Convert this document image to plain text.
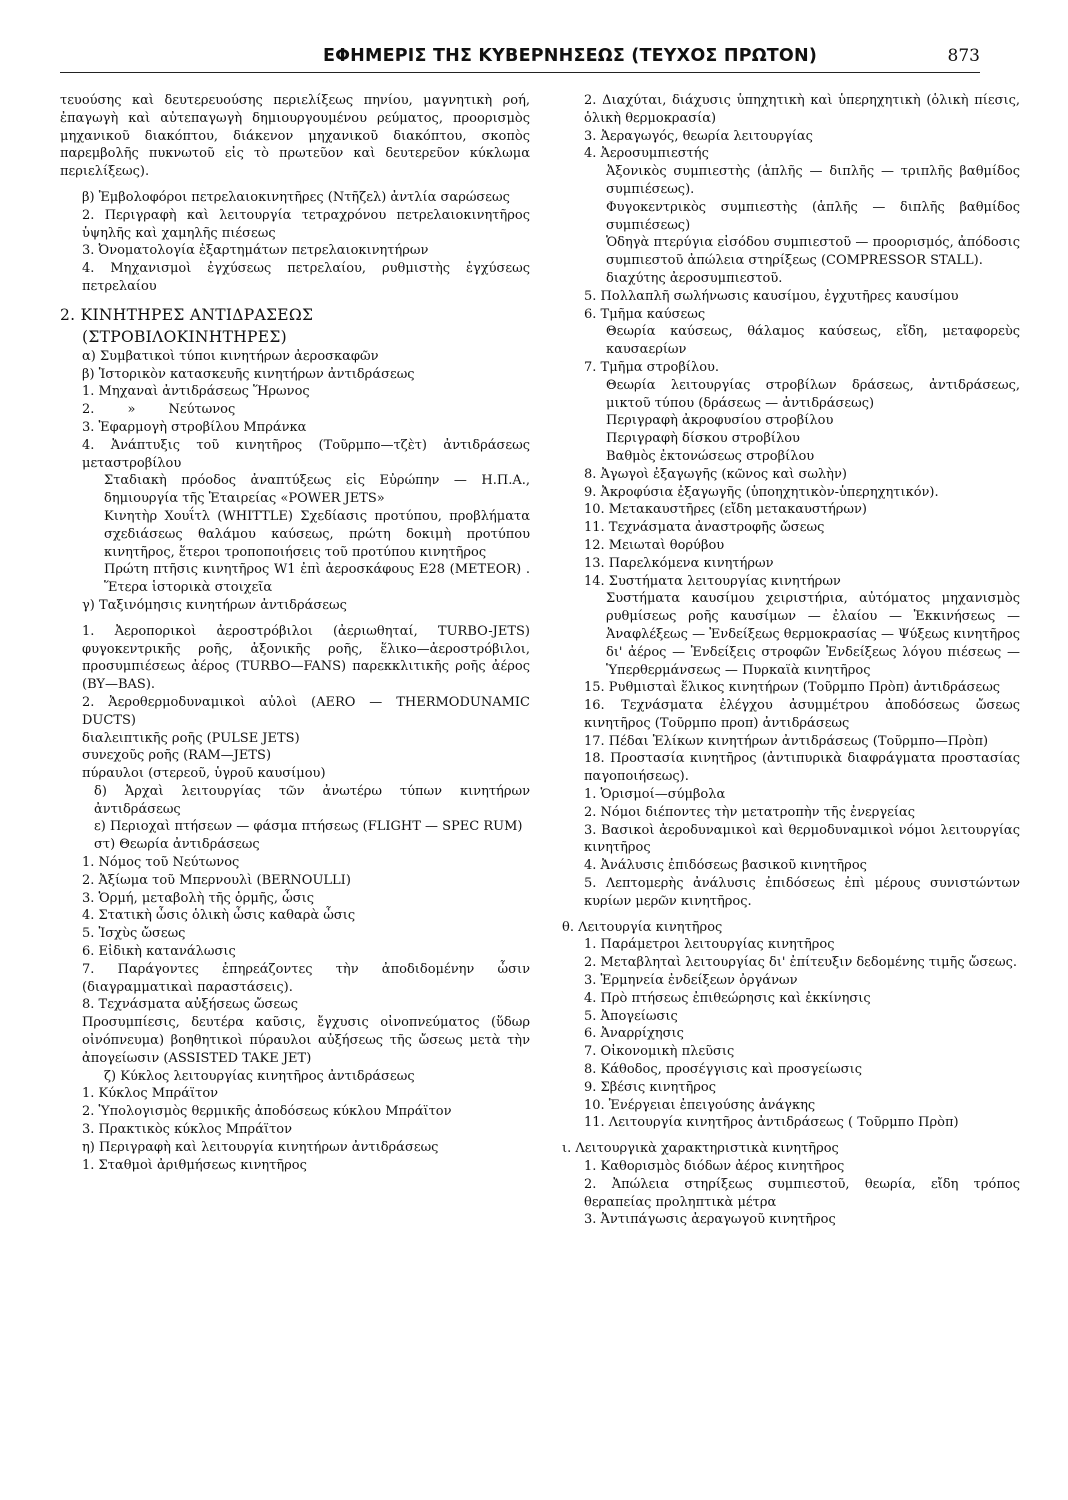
ΕΦΗΜΕΡΙΣ ΤΗΣ ΚΥΒΕΡΝΗΣΕΩΣ (ΤΕΥΧΟΣ ΠΡΩΤΟΝ)	873

τευούσης καὶ δευτερευούσης περιελίξεως πηνίου, μαγνητικὴ ροή, ἐπαγωγὴ καὶ αὐτεπαγωγὴ δημιουργουμένου ρεύματος, προορισμὸς μηχανικοῦ διακόπτου, διάκενον μηχανικοῦ διακόπτου, σκοπὸς παρεμβολῆς πυκνωτοῦ εἰς τὸ πρωτεῦον καὶ δευτερεῦον κύκλωμα περιελίξεως).

β) Ἐμβολοφόροι πετρελαιοκινητῆρες (Ντῆζελ) ἀντλία σαρώσεως

2. Περιγραφὴ καὶ λειτουργία τετραχρόνου πετρελαιοκινητῆρος ὑψηλῆς καὶ χαμηλῆς πιέσεως

3. Ὀνοματολογία ἐξαρτημάτων πετρελαιοκινητήρων

4. Μηχανισμοὶ ἐγχύσεως πετρελαίου, ρυθμιστὴς ἐγχύσεως πετρελαίου

2. ΚΙΝΗΤΗΡΕΣ ΑΝΤΙΔΡΑΣΕΩΣ

(ΣΤΡΟΒΙΛΟΚΙΝΗΤΗΡΕΣ)

α) Συμβατικοὶ τύποι κινητήρων ἀεροσκαφῶν

β) Ἱστορικὸν κατασκευῆς κινητήρων ἀντιδράσεως

1. Μηχαναὶ ἀντιδράσεως Ἥρωνος

2.        »        Νεύτωνος

3. Ἐφαρμογὴ στροβίλου Μπράνκα

4. Ἀνάπτυξις τοῦ κινητῆρος (Τοῦρμπο—τζὲτ) ἀντιδράσεως μεταστροβίλου

Σταδιακὴ πρόοδος ἀναπτύξεως εἰς Εὐρώπην — Η.Π.Α., δημιουργία τῆς Ἑταιρείας «POWER JETS»

Κινητὴρ Χουΐτλ (WHITTLE) Σχεδίασις προτύπου, προβλήματα σχεδιάσεως θαλάμου καύσεως, πρώτη δοκιμὴ προτύπου κινητῆρος, ἕτεροι τροποποιήσεις τοῦ προτύπου κινητῆρος

Πρώτη πτῆσις κινητῆρος W1 ἐπὶ ἀεροσκάφους E28 (METEOR) . Ἕτερα ἱστορικὰ στοιχεῖα

γ) Ταξινόμησις κινητήρων ἀντιδράσεως

1. Ἀεροπορικοὶ ἀεροστρόβιλοι (ἀεριωθηταί, TURBO-JETS) φυγοκεντρικῆς ροῆς, ἀξονικῆς ροῆς, ἕλικο—ἀεροστρόβιλοι, προσυμπιέσεως ἀέρος (TURBO—FANS) παρεκκλιτικῆς ροῆς ἀέρος (BY—BAS).

2. Ἀεροθερμοδυναμικοὶ αὐλοὶ (AERO — THERMODUNAMIC DUCTS)

διαλειπτικῆς ροῆς (PULSE JETS)

συνεχοῦς ροῆς (RAM—JETS)

πύραυλοι (στερεοῦ, ὑγροῦ καυσίμου)

δ) Ἀρχαὶ λειτουργίας τῶν ἀνωτέρω τύπων κινητήρων ἀντιδράσεως

ε) Περιοχαὶ πτήσεων — φάσμα πτήσεως (FLIGHT — SPEC RUM)

στ) Θεωρία ἀντιδράσεως

1. Νόμος τοῦ Νεύτωνος

2. Ἀξίωμα τοῦ Μπερνουλὶ (BERNOULLI)

3. Ὁρμή, μεταβολὴ τῆς ὁρμῆς, ὦσις

4. Στατικὴ ὦσις ὁλικὴ ὦσις καθαρὰ ὦσις

5. Ἰσχὺς ὤσεως

6. Εἰδικὴ κατανάλωσις

7. Παράγοντες ἐπηρεάζοντες τὴν ἀποδιδομένην ὦσιν (διαγραμματικαὶ παραστάσεις).

8. Τεχνάσματα αὐξήσεως ὤσεως

Προσυμπίεσις, δευτέρα καῦσις, ἔγχυσις οἰνοπνεύματος (ὕδωρ οἰνόπνευμα) βοηθητικοὶ πύραυλοι αὐξήσεως τῆς ὤσεως μετὰ τὴν ἀπογείωσιν (ASSISTED TAKE JET)

ζ) Κύκλος λειτουργίας κινητῆρος ἀντιδράσεως

1. Κύκλος Μπράϊτον

2. Ὑπολογισμὸς θερμικῆς ἀποδόσεως κύκλου Μπράϊτον

3. Πρακτικὸς κύκλος Μπράϊτον

η) Περιγραφὴ καὶ λειτουργία κινητήρων ἀντιδράσεως

1. Σταθμοὶ ἀριθμήσεως κινητῆρος

2. Διαχύται, διάχυσις ὑπηχητικὴ καὶ ὑπερηχητικὴ (ὁλικὴ πίεσις, ὁλικὴ θερμοκρασία)

3. Ἀεραγωγός, θεωρία λειτουργίας

4. Ἀεροσυμπιεστής

Ἀξονικὸς συμπιεστὴς (ἁπλῆς — διπλῆς — τριπλῆς βαθμίδος συμπιέσεως).

Φυγοκεντρικὸς συμπιεστὴς (ἁπλῆς — διπλῆς βαθμίδος συμπιέσεως)

Ὁδηγὰ πτερύγια εἰσόδου συμπιεστοῦ — προορισμός, ἀπόδοσις συμπιεστοῦ ἀπώλεια στηρίξεως (COMPRESSOR STALL).

διαχύτης ἀεροσυμπιεστοῦ.

5. Πολλαπλῆ σωλήνωσις καυσίμου, ἐγχυτῆρες καυσίμου

6. Τμῆμα καύσεως

Θεωρία καύσεως, θάλαμος καύσεως, εἴδη, μεταφορεὺς καυσαερίων

7. Τμῆμα στροβίλου.

Θεωρία λειτουργίας στροβίλων δράσεως, ἀντιδράσεως, μικτοῦ τύπου (δράσεως — ἀντιδράσεως)

Περιγραφὴ ἀκροφυσίου στροβίλου

Περιγραφὴ δίσκου στροβίλου

Βαθμὸς ἐκτονώσεως στροβίλου

8. Ἀγωγοὶ ἐξαγωγῆς (κῶνος καὶ σωλὴν)

9. Ἀκροφύσια ἐξαγωγῆς (ὑποηχητικὸν-ὑπερηχητικόν).

10. Μετακαυστῆρες (εἴδη μετακαυστήρων)

11. Τεχνάσματα ἀναστροφῆς ὤσεως

12. Μειωταὶ θορύβου

13. Παρελκόμενα κινητήρων

14. Συστήματα λειτουργίας κινητήρων

Συστήματα καυσίμου χειριστήρια, αὐτόματος μηχανισμὸς ρυθμίσεως ροῆς καυσίμων — ἐλαίου — Ἐκκινήσεως — Ἀναφλέξεως — Ἐνδείξεως θερμοκρασίας — Ψύξεως κινητῆρος δι' ἀέρος — Ἐνδείξεις στροφῶν Ἐνδείξεως λόγου πιέσεως — Ὑπερθερμάνσεως — Πυρκαϊὰ κινητῆρος

15. Ρυθμισταὶ ἕλικος κινητήρων (Τοῦρμπο Πρὸπ) ἀντιδράσεως

16. Τεχνάσματα ἐλέγχου ἀσυμμέτρου ἀποδόσεως ὤσεως κινητῆρος (Τοῦρμπο προπ) ἀντιδράσεως

17. Πέδαι Ἑλίκων κινητήρων ἀντιδράσεως (Τοῦρμπο—Πρὸπ)

18. Προστασία κινητῆρος (ἀντιπυρικὰ διαφράγματα προστασίας παγοποιήσεως).

1. Ὁρισμοί—σύμβολα

2. Νόμοι διέποντες τὴν μετατροπὴν τῆς ἐνεργείας

3. Βασικοὶ ἀεροδυναμικοὶ καὶ θερμοδυναμικοὶ νόμοι λειτουργίας κινητῆρος

4. Ἀνάλυσις ἐπιδόσεως βασικοῦ κινητῆρος

5. Λεπτομερὴς ἀνάλυσις ἐπιδόσεως ἐπὶ μέρους συνιστώντων κυρίων μερῶν κινητῆρος.

θ. Λειτουργία κινητῆρος

1. Παράμετροι λειτουργίας κινητῆρος

2. Μεταβληταὶ λειτουργίας δι' ἐπίτευξιν δεδομένης τιμῆς ὤσεως.

3. Ἑρμηνεία ἐνδείξεων ὀργάνων

4. Πρὸ πτήσεως ἐπιθεώρησις καὶ ἐκκίνησις

5. Ἀπογείωσις

6. Ἀναρρίχησις

7. Οἰκονομικὴ πλεῦσις

8. Κάθοδος, προσέγγισις καὶ προσγείωσις

9. Σβέσις κινητῆρος

10. Ἐνέργειαι ἐπειγούσης ἀνάγκης

11. Λειτουργία κινητῆρος ἀντιδράσεως ( Τοῦρμπο Πρὸπ)

ι. Λειτουργικὰ χαρακτηριστικὰ κινητῆρος

1. Καθορισμὸς διόδων ἀέρος κινητῆρος

2. Ἀπώλεια στηρίξεως συμπιεστοῦ, θεωρία, εἴδη τρόπος θεραπείας προληπτικὰ μέτρα

3. Ἀντιπάγωσις ἀεραγωγοῦ κινητῆρος
